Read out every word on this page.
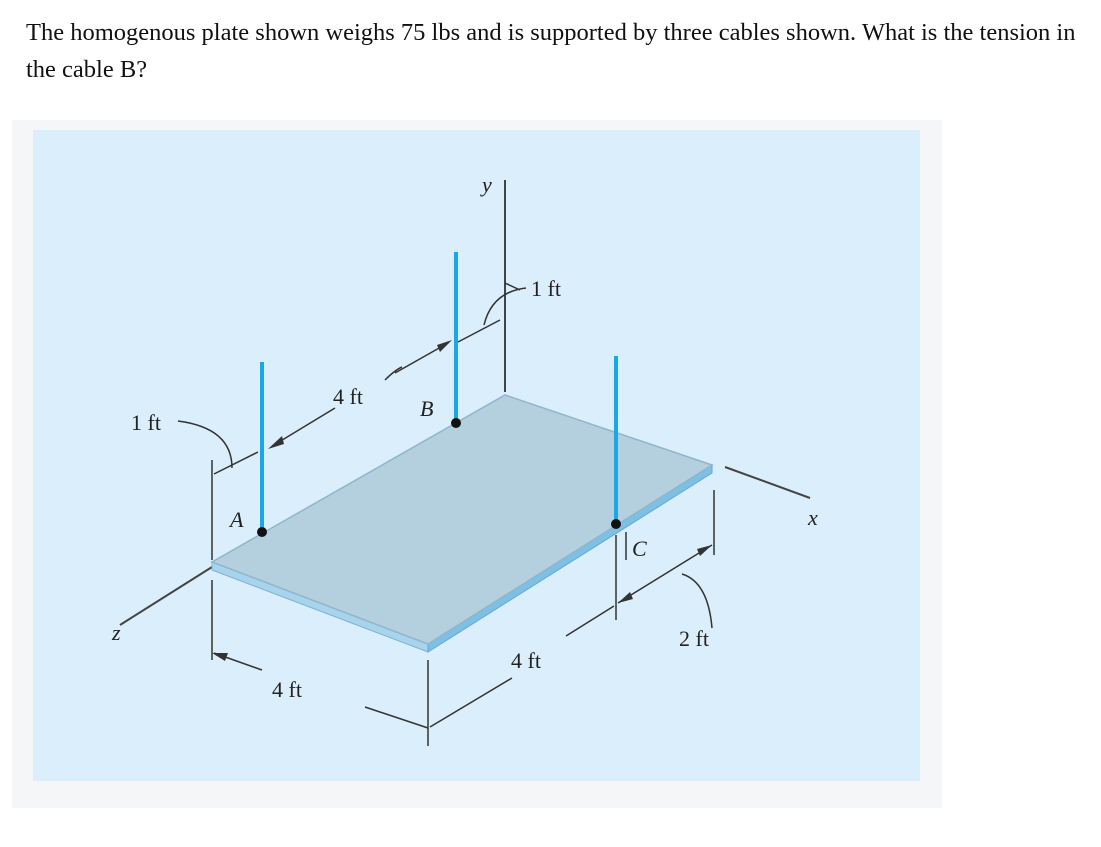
The homogenous plate shown weighs 75 lbs and is supported by three cables shown. What is the tension in the cable B?
A
B
C
y
x
z
1 ft
4 ft
1 ft
4 ft
4 ft
2 ft
